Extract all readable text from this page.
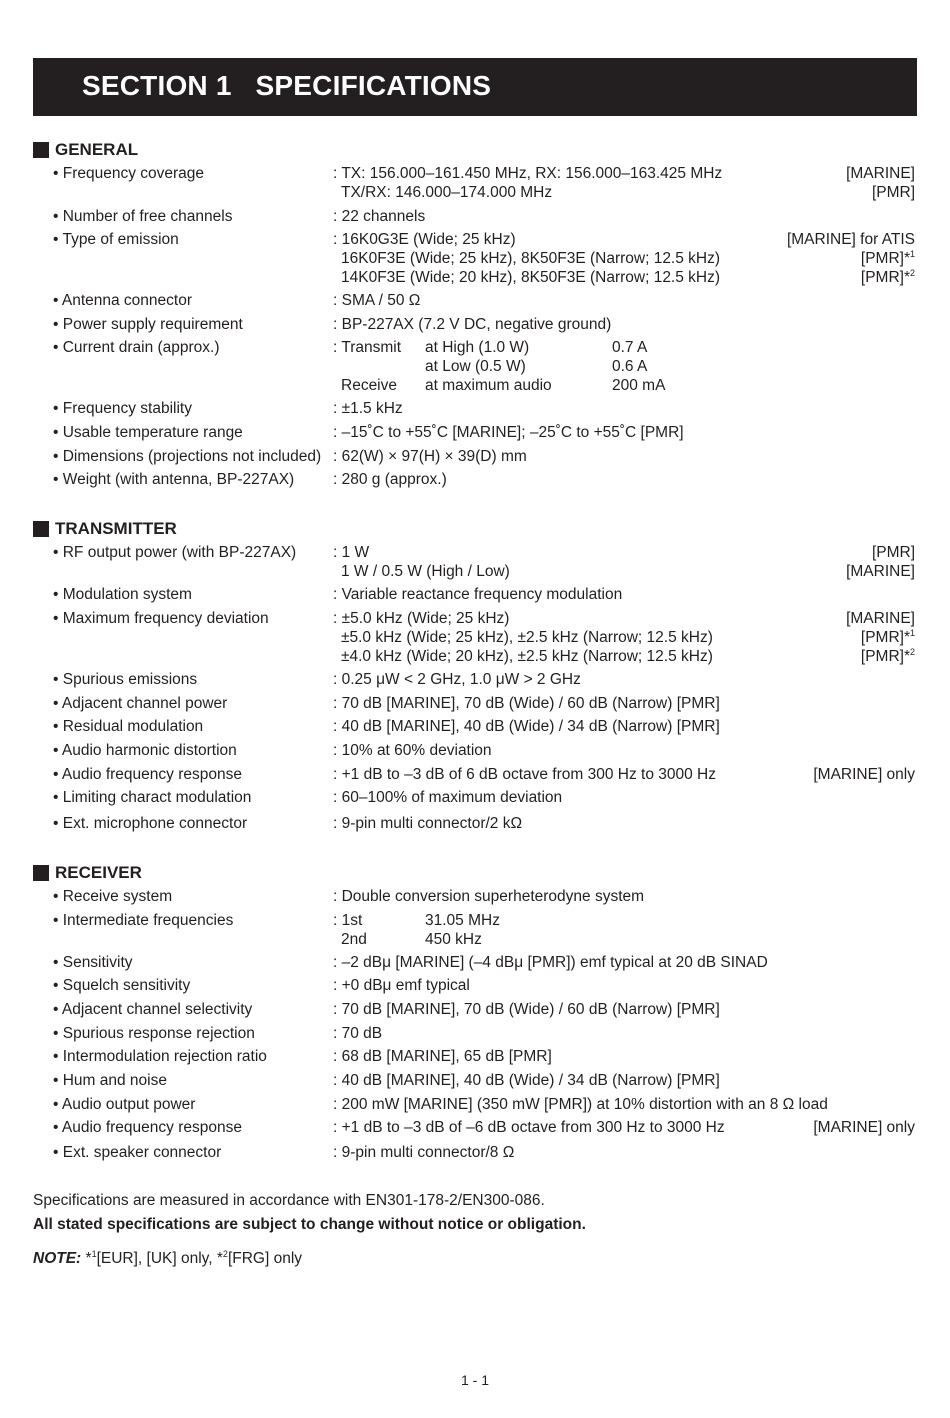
SECTION 1   SPECIFICATIONS
GENERAL
• Frequency coverage	: TX: 156.000–161.450 MHz, RX: 156.000–163.425 MHz	[MARINE]
TX/RX: 146.000–174.000 MHz	[PMR]
• Number of free channels	: 22 channels
• Type of emission	: 16K0G3E (Wide; 25 kHz)	[MARINE] for ATIS
16K0F3E (Wide; 25 kHz), 8K50F3E (Narrow; 12.5 kHz)	[PMR]*$^1$
14K0F3E (Wide; 20 kHz), 8K50F3E (Narrow; 12.5 kHz)	[PMR]*$^2$
• Antenna connector	: SMA / 50 Ω
• Power supply requirement	: BP-227AX (7.2 V DC, negative ground)
• Current drain (approx.)	: Transmit at High (1.0 W)	0.7 A
at Low (0.5 W)	0.6 A
Receive at maximum audio	200 mA
• Frequency stability	: ±1.5 kHz
• Usable temperature range	: –15˚C to +55˚C [MARINE]; –25˚C to +55˚C [PMR]
• Dimensions (projections not included) : 62(W) × 97(H) × 39(D) mm
• Weight (with antenna, BP-227AX)	: 280 g (approx.)
TRANSMITTER
• RF output power (with BP-227AX) : 1 W	[PMR]
1 W / 0.5 W (High / Low)	[MARINE]
• Modulation system	: Variable reactance frequency modulation
• Maximum frequency deviation	: ±5.0 kHz (Wide; 25 kHz)	[MARINE]
±5.0 kHz (Wide; 25 kHz), ±2.5 kHz (Narrow; 12.5 kHz)	[PMR]*$^1$
±4.0 kHz (Wide; 20 kHz), ±2.5 kHz (Narrow; 12.5 kHz)	[PMR]*$^2$
• Spurious emissions	: 0.25 μW < 2 GHz, 1.0 μW > 2 GHz
• Adjacent channel power	: 70 dB [MARINE], 70 dB (Wide) / 60 dB (Narrow) [PMR]
• Residual modulation	: 40 dB [MARINE], 40 dB (Wide) / 34 dB (Narrow) [PMR]
• Audio harmonic distortion	: 10% at 60% deviation
• Audio frequency response	: +1 dB to –3 dB of 6 dB octave from 300 Hz to 3000 Hz	[MARINE] only
• Limiting charact modulation	: 60–100% of maximum deviation
• Ext. microphone connector	: 9-pin multi connector/2 kΩ
RECEIVER
• Receive system	: Double conversion superheterodyne system
• Intermediate frequencies	: 1st	31.05 MHz
2nd	450 kHz
• Sensitivity	: –2 dBμ [MARINE] (–4 dBμ [PMR]) emf typical at 20 dB SINAD
• Squelch sensitivity	: +0 dBμ emf typical
• Adjacent channel selectivity	: 70 dB [MARINE], 70 dB (Wide) / 60 dB (Narrow) [PMR]
• Spurious response rejection	: 70 dB
• Intermodulation rejection ratio	: 68 dB [MARINE], 65 dB [PMR]
• Hum and noise	: 40 dB [MARINE], 40 dB (Wide) / 34 dB (Narrow) [PMR]
• Audio output power	: 200 mW [MARINE] (350 mW [PMR]) at 10% distortion with an 8 Ω load
• Audio frequency response	: +1 dB to –3 dB of –6 dB octave from 300 Hz to 3000 Hz	[MARINE] only
• Ext. speaker connector	: 9-pin multi connector/8 Ω
Specifications are measured in accordance with EN301-178-2/EN300-086.
All stated specifications are subject to change without notice or obligation.
NOTE: *$^1$[EUR], [UK] only, *$^2$[FRG] only
1 - 1
